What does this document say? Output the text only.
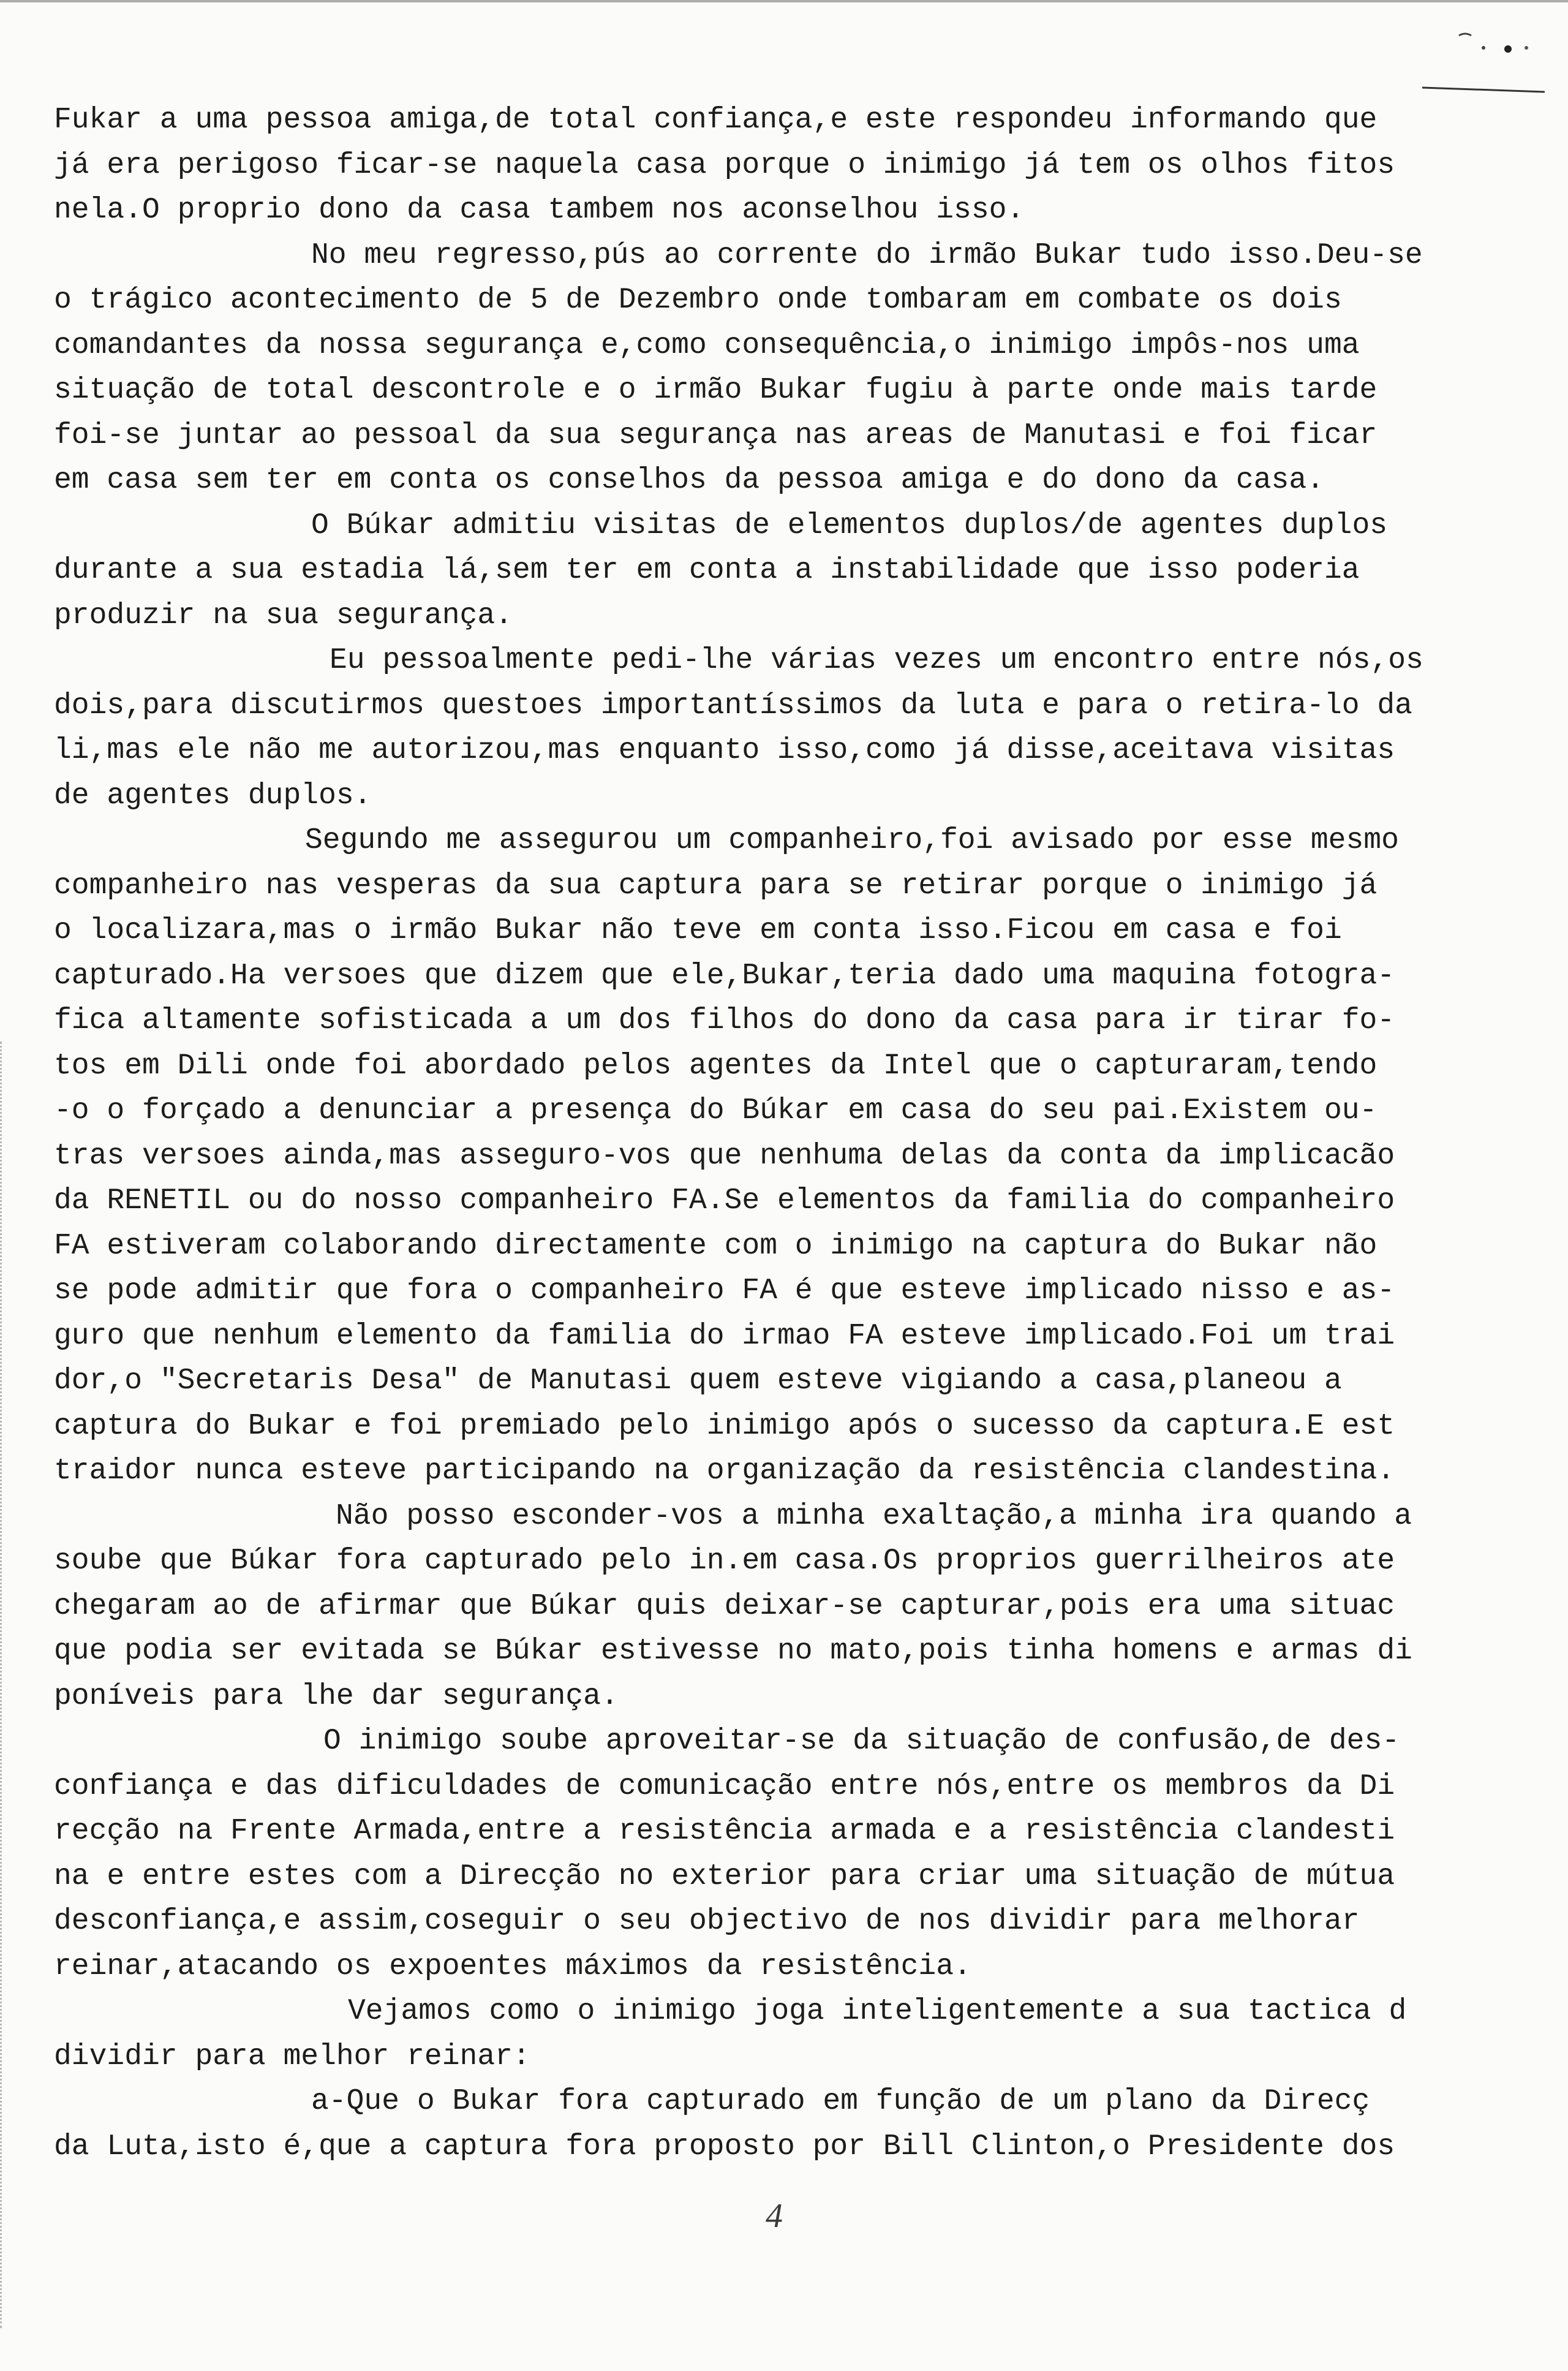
Fukar a uma pessoa amiga,de total confiança,e este respondeu informando que
já era perigoso ficar-se naquela casa porque o inimigo já tem os olhos fitos
nela.O proprio dono da casa tambem nos aconselhou isso.
No meu regresso,pús ao corrente do irmão Bukar tudo isso.Deu-se
o trágico acontecimento de 5 de Dezembro onde tombaram em combate os dois
comandantes da nossa segurança e,como consequência,o inimigo impôs-nos uma
situação de total descontrole e o irmão Bukar fugiu à parte onde mais tarde
foi-se juntar ao pessoal da sua segurança nas areas de Manutasi e foi ficar
em casa sem ter em conta os conselhos da pessoa amiga e do dono da casa.
O Búkar admitiu visitas de elementos duplos/de agentes duplos
durante a sua estadia lá,sem ter em conta a instabilidade que isso poderia
produzir na sua segurança.
Eu pessoalmente pedi-lhe várias vezes um encontro entre nós,os
dois,para discutirmos questoes importantíssimos da luta e para o retira-lo da
li,mas ele não me autorizou,mas enquanto isso,como já disse,aceitava visitas
de agentes duplos.
Segundo me assegurou um companheiro,foi avisado por esse mesmo
companheiro nas vesperas da sua captura para se retirar porque o inimigo já
o localizara,mas o irmão Bukar não teve em conta isso.Ficou em casa e foi
capturado.Ha versoes que dizem que ele,Bukar,teria dado uma maquina fotogra-
fica altamente sofisticada a um dos filhos do dono da casa para ir tirar fo-
tos em Dili onde foi abordado pelos agentes da Intel que o capturaram,tendo
-o o forçado a denunciar a presença do Búkar em casa do seu pai.Existem ou-
tras versoes ainda,mas asseguro-vos que nenhuma delas da conta da implicacão
da RENETIL ou do nosso companheiro FA.Se elementos da familia do companheiro
FA estiveram colaborando directamente com o inimigo na captura do Bukar não
se pode admitir que fora o companheiro FA é que esteve implicado nisso e as-
guro que nenhum elemento da familia do irmao FA esteve implicado.Foi um trai
dor,o "Secretaris Desa" de Manutasi quem esteve vigiando a casa,planeou a
captura do Bukar e foi premiado pelo inimigo após o sucesso da captura.E est
traidor nunca esteve participando na organização da resistência clandestina.
Não posso esconder-vos a minha exaltação,a minha ira quando a
soube que Búkar fora capturado pelo in.em casa.Os proprios guerrilheiros ate
chegaram ao de afirmar que Búkar quis deixar-se capturar,pois era uma situac
que podia ser evitada se Búkar estivesse no mato,pois tinha homens e armas di
poníveis para lhe dar segurança.
O inimigo soube aproveitar-se da situação de confusão,de des-
confiança e das dificuldades de comunicação entre nós,entre os membros da Di
recção na Frente Armada,entre a resistência armada e a resistência clandesti
na e entre estes com a Direcção no exterior para criar uma situação de mútua
desconfiança,e assim,coseguir o seu objectivo de nos dividir para melhorar
reinar,atacando os expoentes máximos da resistência.
Vejamos como o inimigo joga inteligentemente a sua tactica d
dividir para melhor reinar:
a-Que o Bukar fora capturado em função de um plano da Direcç
da Luta,isto é,que a captura fora proposto por Bill Clinton,o Presidente dos
4
